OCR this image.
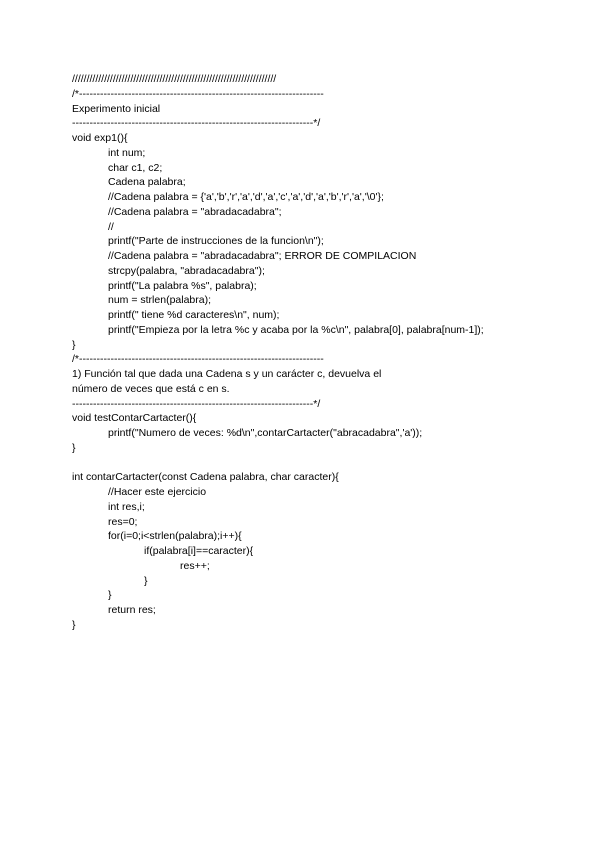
//////////////////////////////////////////////////////////////////////
/*----------------------------------------------------------------------
Experimento inicial
---------------------------------------------------------------------*/
void exp1(){
int num;
char c1, c2;
Cadena palabra;
//Cadena palabra = {'a','b','r','a','d','a','c','a','d','a','b','r','a','\0'};
//Cadena palabra = "abradacadabra";
//
printf("Parte de instrucciones de la funcion\n");
//Cadena palabra = "abradacadabra"; ERROR DE COMPILACION
strcpy(palabra, "abradacadabra");
printf("La palabra %s", palabra);
num = strlen(palabra);
printf(" tiene %d caracteres\n", num);
printf("Empieza por la letra %c y acaba por la %c\n", palabra[0], palabra[num-1]);
}
/*----------------------------------------------------------------------
1) Función tal que dada una Cadena s y un carácter c, devuelva el
número de veces que está c en s.
---------------------------------------------------------------------*/
void testContarCartacter(){
printf("Numero de veces: %d\n",contarCartacter("abracadabra",'a'));
}
int contarCartacter(const Cadena palabra, char caracter){
//Hacer este ejercicio
int res,i;
res=0;
for(i=0;i<strlen(palabra);i++){
if(palabra[i]==caracter){
res++;
}
}
return res;
}
